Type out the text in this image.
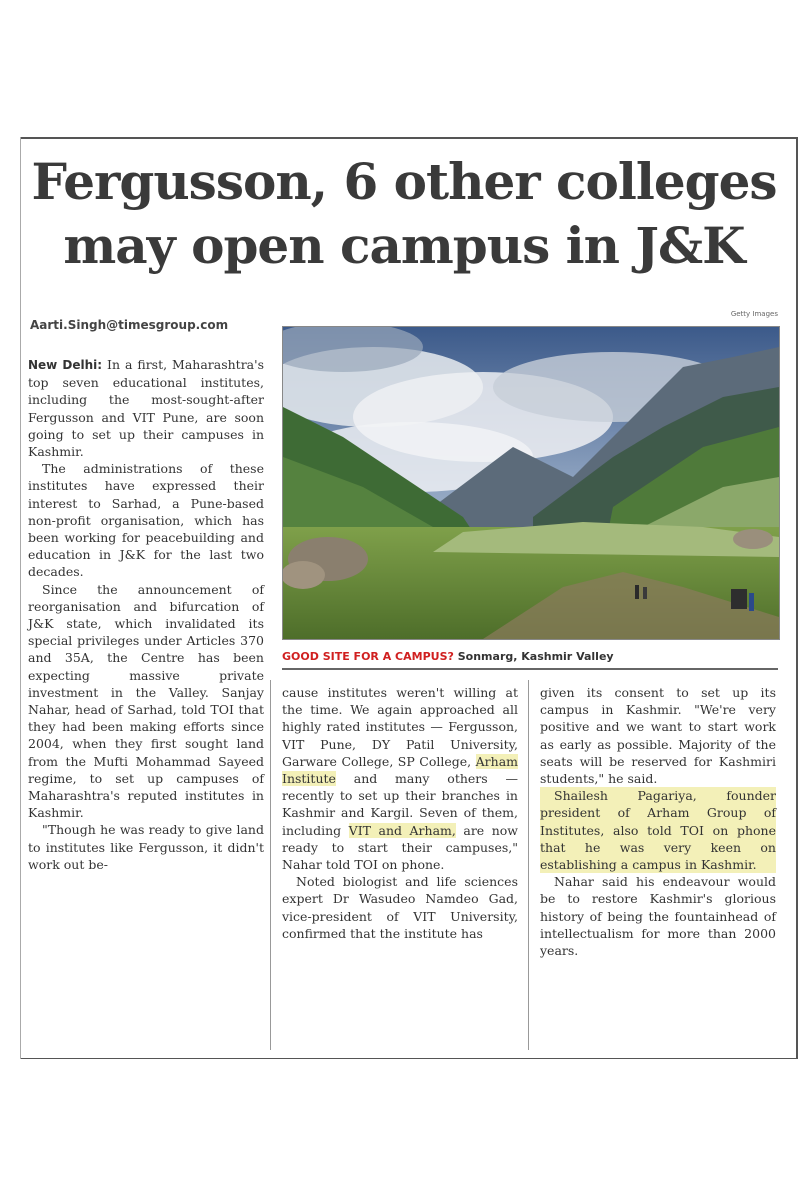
Fergusson, 6 other colleges
may open campus in J&K
Aarti.Singh@timesgroup.com
Getty Images
GOOD SITE FOR A CAMPUS? Sonmarg, Kashmir Valley

New Delhi: In a first, Maharashtra's top seven educational institutes, including the most-sought-after Fergusson and VIT Pune, are soon going to set up their campuses in Kashmir.

The administrations of these institutes have expressed their interest to Sarhad, a Pune-based non-profit organisation, which has been working for peacebuilding and education in J&K for the last two decades.

Since the announcement of reorganisation and bifurcation of J&K state, which invalidated its special privileges under Articles 370 and 35A, the Centre has been expecting massive private investment in the Valley. Sanjay Nahar, head of Sarhad, told TOI that they had been making efforts since 2004, when they first sought land from the Mufti Mohammad Sayeed regime, to set up campuses of Maharashtra's reputed institutes in Kashmir.

"Though he was ready to give land to institutes like Fergusson, it didn't work out be-

cause institutes weren't willing at the time. We again approached all highly rated institutes — Fergusson, VIT Pune, DY Patil University, Garware College, SP College, Arham Institute and many others — recently to set up their branches in Kashmir and Kargil. Seven of them, including VIT and Arham, are now ready to start their campuses," Nahar told TOI on phone.

Noted biologist and life sciences expert Dr Wasudeo Namdeo Gad, vice-president of VIT University, confirmed that the institute has

given its consent to set up its campus in Kashmir. "We're very positive and we want to start work as early as possible. Majority of the seats will be reserved for Kashmiri students," he said.

Shailesh Pagariya, founder president of Arham Group of Institutes, also told TOI on phone that he was very keen on establishing a campus in Kashmir.

Nahar said his endeavour would be to restore Kashmir's glorious history of being the fountainhead of intellectualism for more than 2000 years.
